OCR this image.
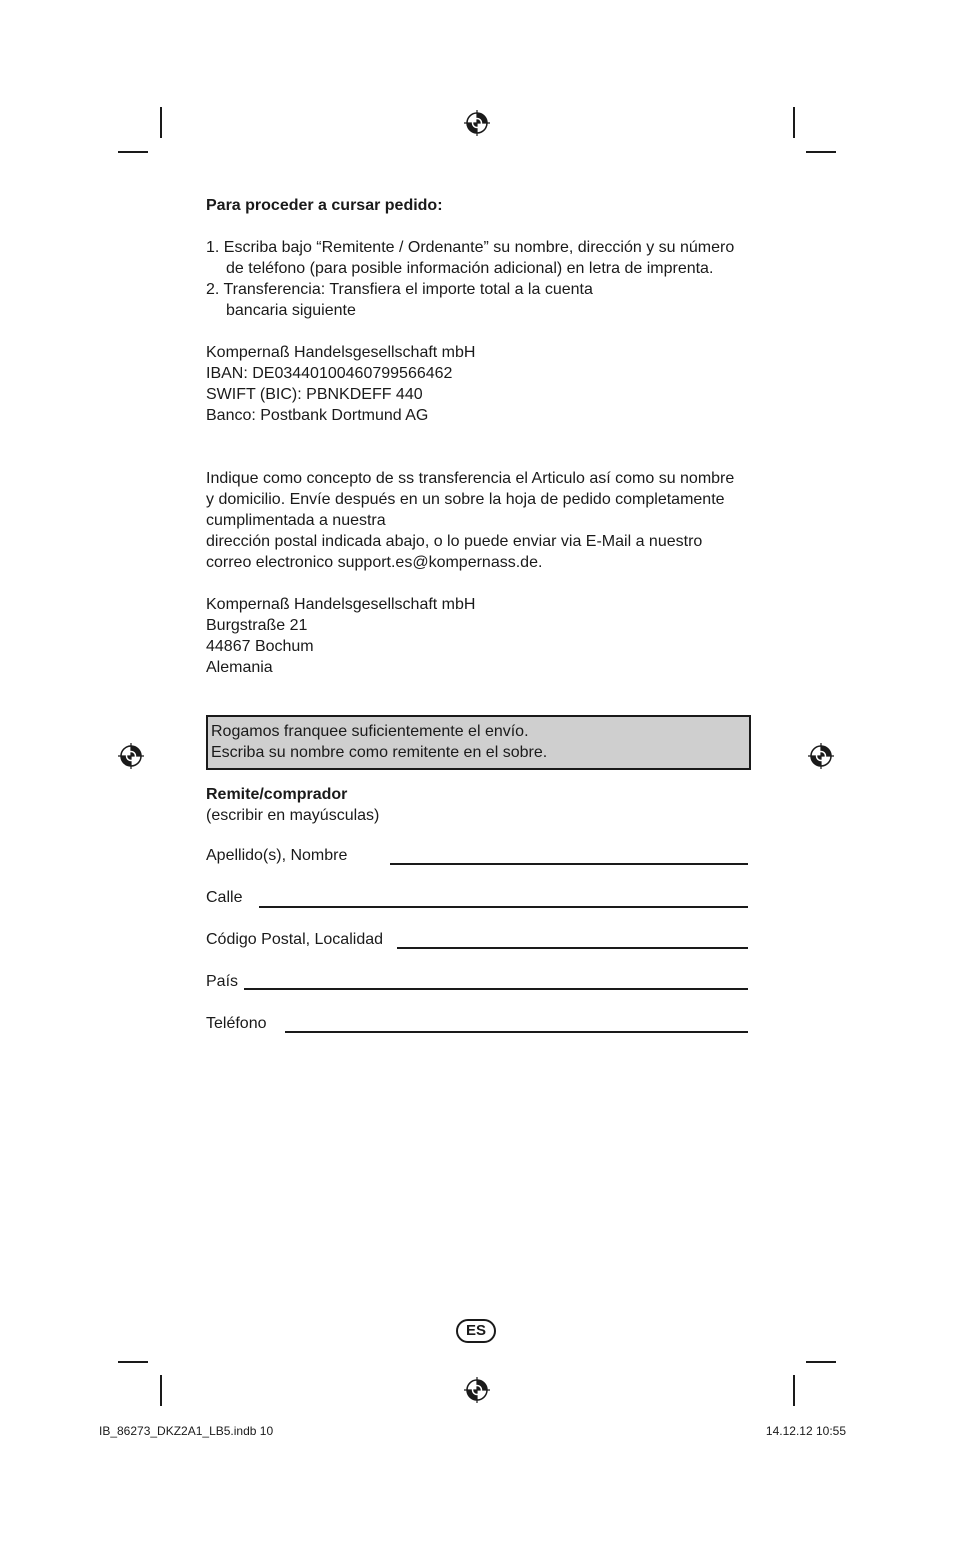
Para proceder a cursar pedido:
1. Escriba bajo “Remitente / Ordenante” su nombre, dirección y su número
de teléfono (para posible información adicional) en letra de imprenta.
2. Transferencia: Transfiera el importe total a la cuenta
bancaria siguiente
Kompernaß Handelsgesellschaft mbH
IBAN: DE03440100460799566462
SWIFT (BIC): PBNKDEFF 440
Banco: Postbank Dortmund AG
Indique como concepto de ss transferencia el Articulo así como su nombre
y domicilio. Envíe después en un sobre la hoja de pedido completamente
cumplimentada a nuestra
dirección postal indicada abajo, o lo puede enviar via E-Mail a nuestro
correo electronico support.es@kompernass.de.
Kompernaß Handelsgesellschaft mbH
Burgstraße 21
44867 Bochum
Alemania
Rogamos franquee suficientemente el envío.
Escriba su nombre como remitente en el sobre.
Remite/comprador
(escribir en mayúsculas)
Apellido(s), Nombre
Calle
Código Postal, Localidad
País
Teléfono
ES
IB_86273_DKZ2A1_LB5.indb 10	14.12.12 10:55
